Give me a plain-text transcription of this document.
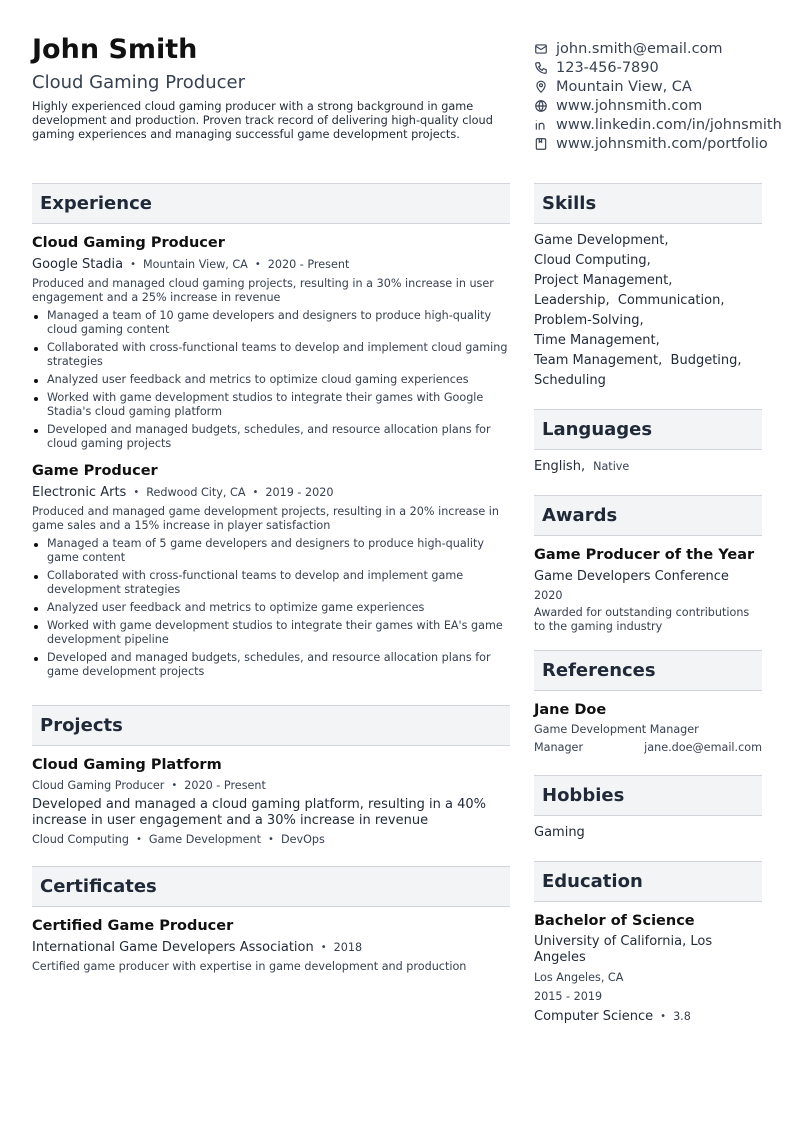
John Smith
Cloud Gaming Producer
Highly experienced cloud gaming producer with a strong background in game development and production. Proven track record of delivering high-quality cloud gaming experiences and managing successful game development projects.
Experience
Cloud Gaming Producer
Google Stadia • Mountain View, CA • 2020 - Present
Produced and managed cloud gaming projects, resulting in a 30% increase in user engagement and a 25% increase in revenue
Managed a team of 10 game developers and designers to produce high-quality cloud gaming content
Collaborated with cross-functional teams to develop and implement cloud gaming strategies
Analyzed user feedback and metrics to optimize cloud gaming experiences
Worked with game development studios to integrate their games with Google Stadia's cloud gaming platform
Developed and managed budgets, schedules, and resource allocation plans for cloud gaming projects
Game Producer
Electronic Arts • Redwood City, CA • 2019 - 2020
Produced and managed game development projects, resulting in a 20% increase in game sales and a 15% increase in player satisfaction
Managed a team of 5 game developers and designers to produce high-quality game content
Collaborated with cross-functional teams to develop and implement game development strategies
Analyzed user feedback and metrics to optimize game experiences
Worked with game development studios to integrate their games with EA's game development pipeline
Developed and managed budgets, schedules, and resource allocation plans for game development projects
Projects
Cloud Gaming Platform
Cloud Gaming Producer • 2020 - Present
Developed and managed a cloud gaming platform, resulting in a 40% increase in user engagement and a 30% increase in revenue
Cloud Computing • Game Development • DevOps
Certificates
Certified Game Producer
International Game Developers Association • 2018
Certified game producer with expertise in game development and production
john.smith@email.com
123-456-7890
Mountain View, CA
www.johnsmith.com
www.linkedin.com/in/johnsmith
www.johnsmith.com/portfolio
Skills
Game Development,
Cloud Computing,
Project Management,
Leadership, Communication,
Problem-Solving,
Time Management,
Team Management, Budgeting,
Scheduling
Languages
English, Native
Awards
Game Producer of the Year
Game Developers Conference
2020
Awarded for outstanding contributions to the gaming industry
References
Jane Doe
Game Development Manager
Manager	jane.doe@email.com
Hobbies
Gaming
Education
Bachelor of Science
University of California, Los Angeles
Los Angeles, CA
2015 - 2019
Computer Science • 3.8
